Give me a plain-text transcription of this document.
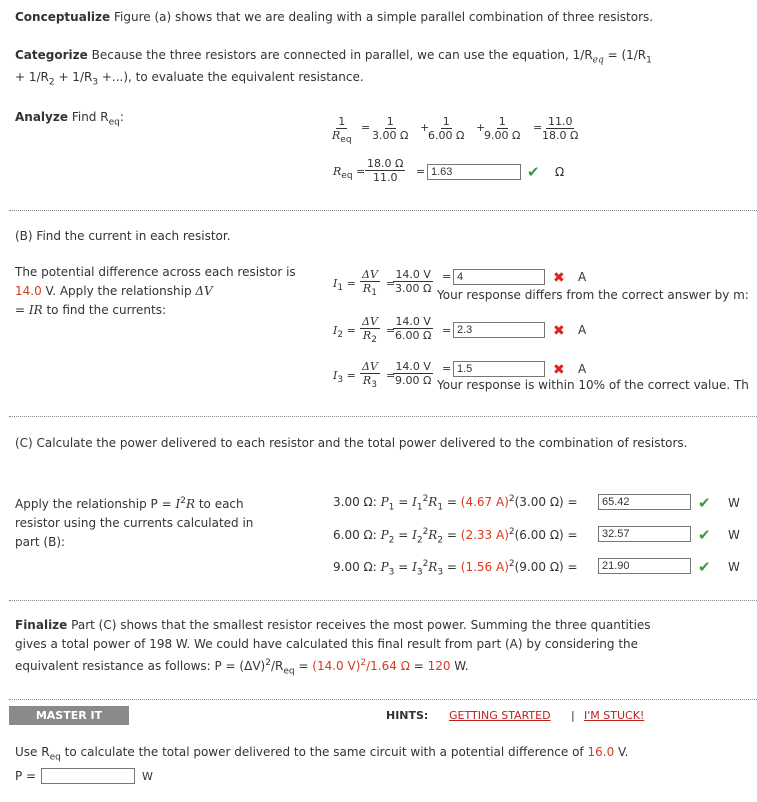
Conceptualize Figure (a) shows that we are dealing with a simple parallel combination of three resistors.
Categorize Because the three resistors are connected in parallel, we can use the equation, $1/R_{eq} = (1/R_1$
+ $1/R_2 + 1/R_3$ +...), to evaluate the equivalent resistance.
Analyze Find $R_{eq}$:	1
$R_{eq}$
= $\frac{1}{3.00 \Omega}$ +
$\frac{1}{6.00 \Omega}$ +
$\frac{1}{9.00 \Omega}$ =
$\frac{11.0}{18.0 \Omega}$
$R_{eq} = \frac{18.0 \Omega}{11.0}$ =
1.63	✔ Ω
(B) Find the current in each resistor.
The potential difference across each resistor is 14.0 V. Apply the relationship ΔV
= IR to find the currents:
$I_1 = \frac{\Delta V}{R_1}$ =
$\frac{14.0 V}{3.00 \Omega}$ =
4	✖ A
Your response differs from the correct answer by m:
$I_2 = \frac{\Delta V}{R_2}$ =
$\frac{14.0 V}{6.00 \Omega}$ =
2.3	✖ A
$I_3 = \frac{\Delta V}{R_3}$ =
$\frac{14.0 V}{9.00 \Omega}$ =
1.5	✖ A
Your response is within 10% of the correct value. Th
(C) Calculate the power delivered to each resistor and the total power delivered to the combination of resistors.
Apply the relationship $P = I^2R$ to each resistor using the currents calculated in part (B):
3.00 Ω: $P_1 = I_1^2R_1 = (4.67$ A)$^2$(3.00 Ω) =
65.42	✔ W
6.00 Ω: $P_2 = I_2^2R_2 = (2.33$ A)$^2$(6.00 Ω) =
32.57	✔ W
9.00 Ω: $P_3 = I_3^2R_3 = (1.56$ A)$^2$(9.00 Ω) =
21.90	✔ W
Finalize Part (C) shows that the smallest resistor receives the most power. Summing the three quantities gives a total power of 198 W. We could have calculated this final result from part (A) by considering the equivalent resistance as follows: $P = (\Delta V)^2/R_{eq} = (14.0$ V)$^2$/1.64 Ω = 120 W.
MASTER IT	HINTS: GETTING STARTED | I'M STUCK!
Use $R_{eq}$ to calculate the total power delivered to the same circuit with a potential difference of 16.0 V.
P =	W
